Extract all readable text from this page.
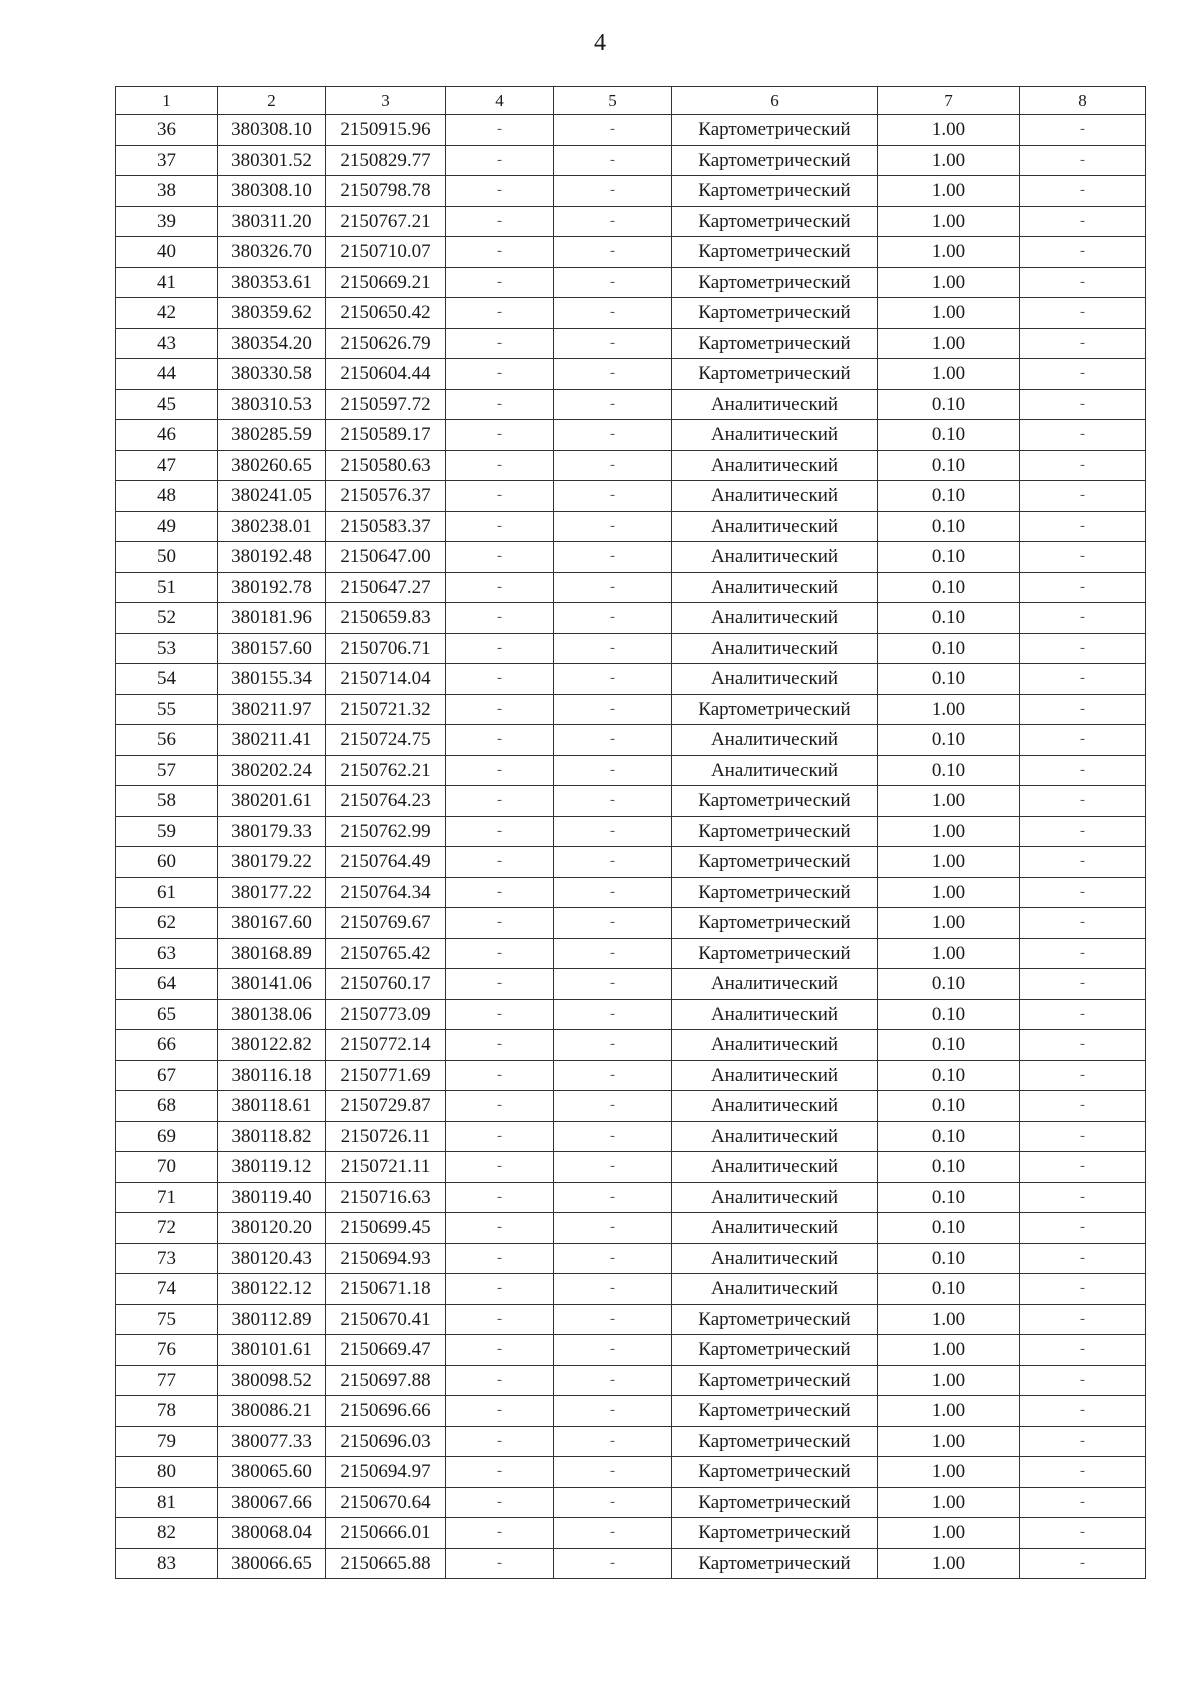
4
1	2	3	4	5	6	7	8
36	380308.10	2150915.96	-	-	Картометрический	1.00	-
37	380301.52	2150829.77	-	-	Картометрический	1.00	-
38	380308.10	2150798.78	-	-	Картометрический	1.00	-
39	380311.20	2150767.21	-	-	Картометрический	1.00	-
40	380326.70	2150710.07	-	-	Картометрический	1.00	-
41	380353.61	2150669.21	-	-	Картометрический	1.00	-
42	380359.62	2150650.42	-	-	Картометрический	1.00	-
43	380354.20	2150626.79	-	-	Картометрический	1.00	-
44	380330.58	2150604.44	-	-	Картометрический	1.00	-
45	380310.53	2150597.72	-	-	Аналитический	0.10	-
46	380285.59	2150589.17	-	-	Аналитический	0.10	-
47	380260.65	2150580.63	-	-	Аналитический	0.10	-
48	380241.05	2150576.37	-	-	Аналитический	0.10	-
49	380238.01	2150583.37	-	-	Аналитический	0.10	-
50	380192.48	2150647.00	-	-	Аналитический	0.10	-
51	380192.78	2150647.27	-	-	Аналитический	0.10	-
52	380181.96	2150659.83	-	-	Аналитический	0.10	-
53	380157.60	2150706.71	-	-	Аналитический	0.10	-
54	380155.34	2150714.04	-	-	Аналитический	0.10	-
55	380211.97	2150721.32	-	-	Картометрический	1.00	-
56	380211.41	2150724.75	-	-	Аналитический	0.10	-
57	380202.24	2150762.21	-	-	Аналитический	0.10	-
58	380201.61	2150764.23	-	-	Картометрический	1.00	-
59	380179.33	2150762.99	-	-	Картометрический	1.00	-
60	380179.22	2150764.49	-	-	Картометрический	1.00	-
61	380177.22	2150764.34	-	-	Картометрический	1.00	-
62	380167.60	2150769.67	-	-	Картометрический	1.00	-
63	380168.89	2150765.42	-	-	Картометрический	1.00	-
64	380141.06	2150760.17	-	-	Аналитический	0.10	-
65	380138.06	2150773.09	-	-	Аналитический	0.10	-
66	380122.82	2150772.14	-	-	Аналитический	0.10	-
67	380116.18	2150771.69	-	-	Аналитический	0.10	-
68	380118.61	2150729.87	-	-	Аналитический	0.10	-
69	380118.82	2150726.11	-	-	Аналитический	0.10	-
70	380119.12	2150721.11	-	-	Аналитический	0.10	-
71	380119.40	2150716.63	-	-	Аналитический	0.10	-
72	380120.20	2150699.45	-	-	Аналитический	0.10	-
73	380120.43	2150694.93	-	-	Аналитический	0.10	-
74	380122.12	2150671.18	-	-	Аналитический	0.10	-
75	380112.89	2150670.41	-	-	Картометрический	1.00	-
76	380101.61	2150669.47	-	-	Картометрический	1.00	-
77	380098.52	2150697.88	-	-	Картометрический	1.00	-
78	380086.21	2150696.66	-	-	Картометрический	1.00	-
79	380077.33	2150696.03	-	-	Картометрический	1.00	-
80	380065.60	2150694.97	-	-	Картометрический	1.00	-
81	380067.66	2150670.64	-	-	Картометрический	1.00	-
82	380068.04	2150666.01	-	-	Картометрический	1.00	-
83	380066.65	2150665.88	-	-	Картометрический	1.00	-
